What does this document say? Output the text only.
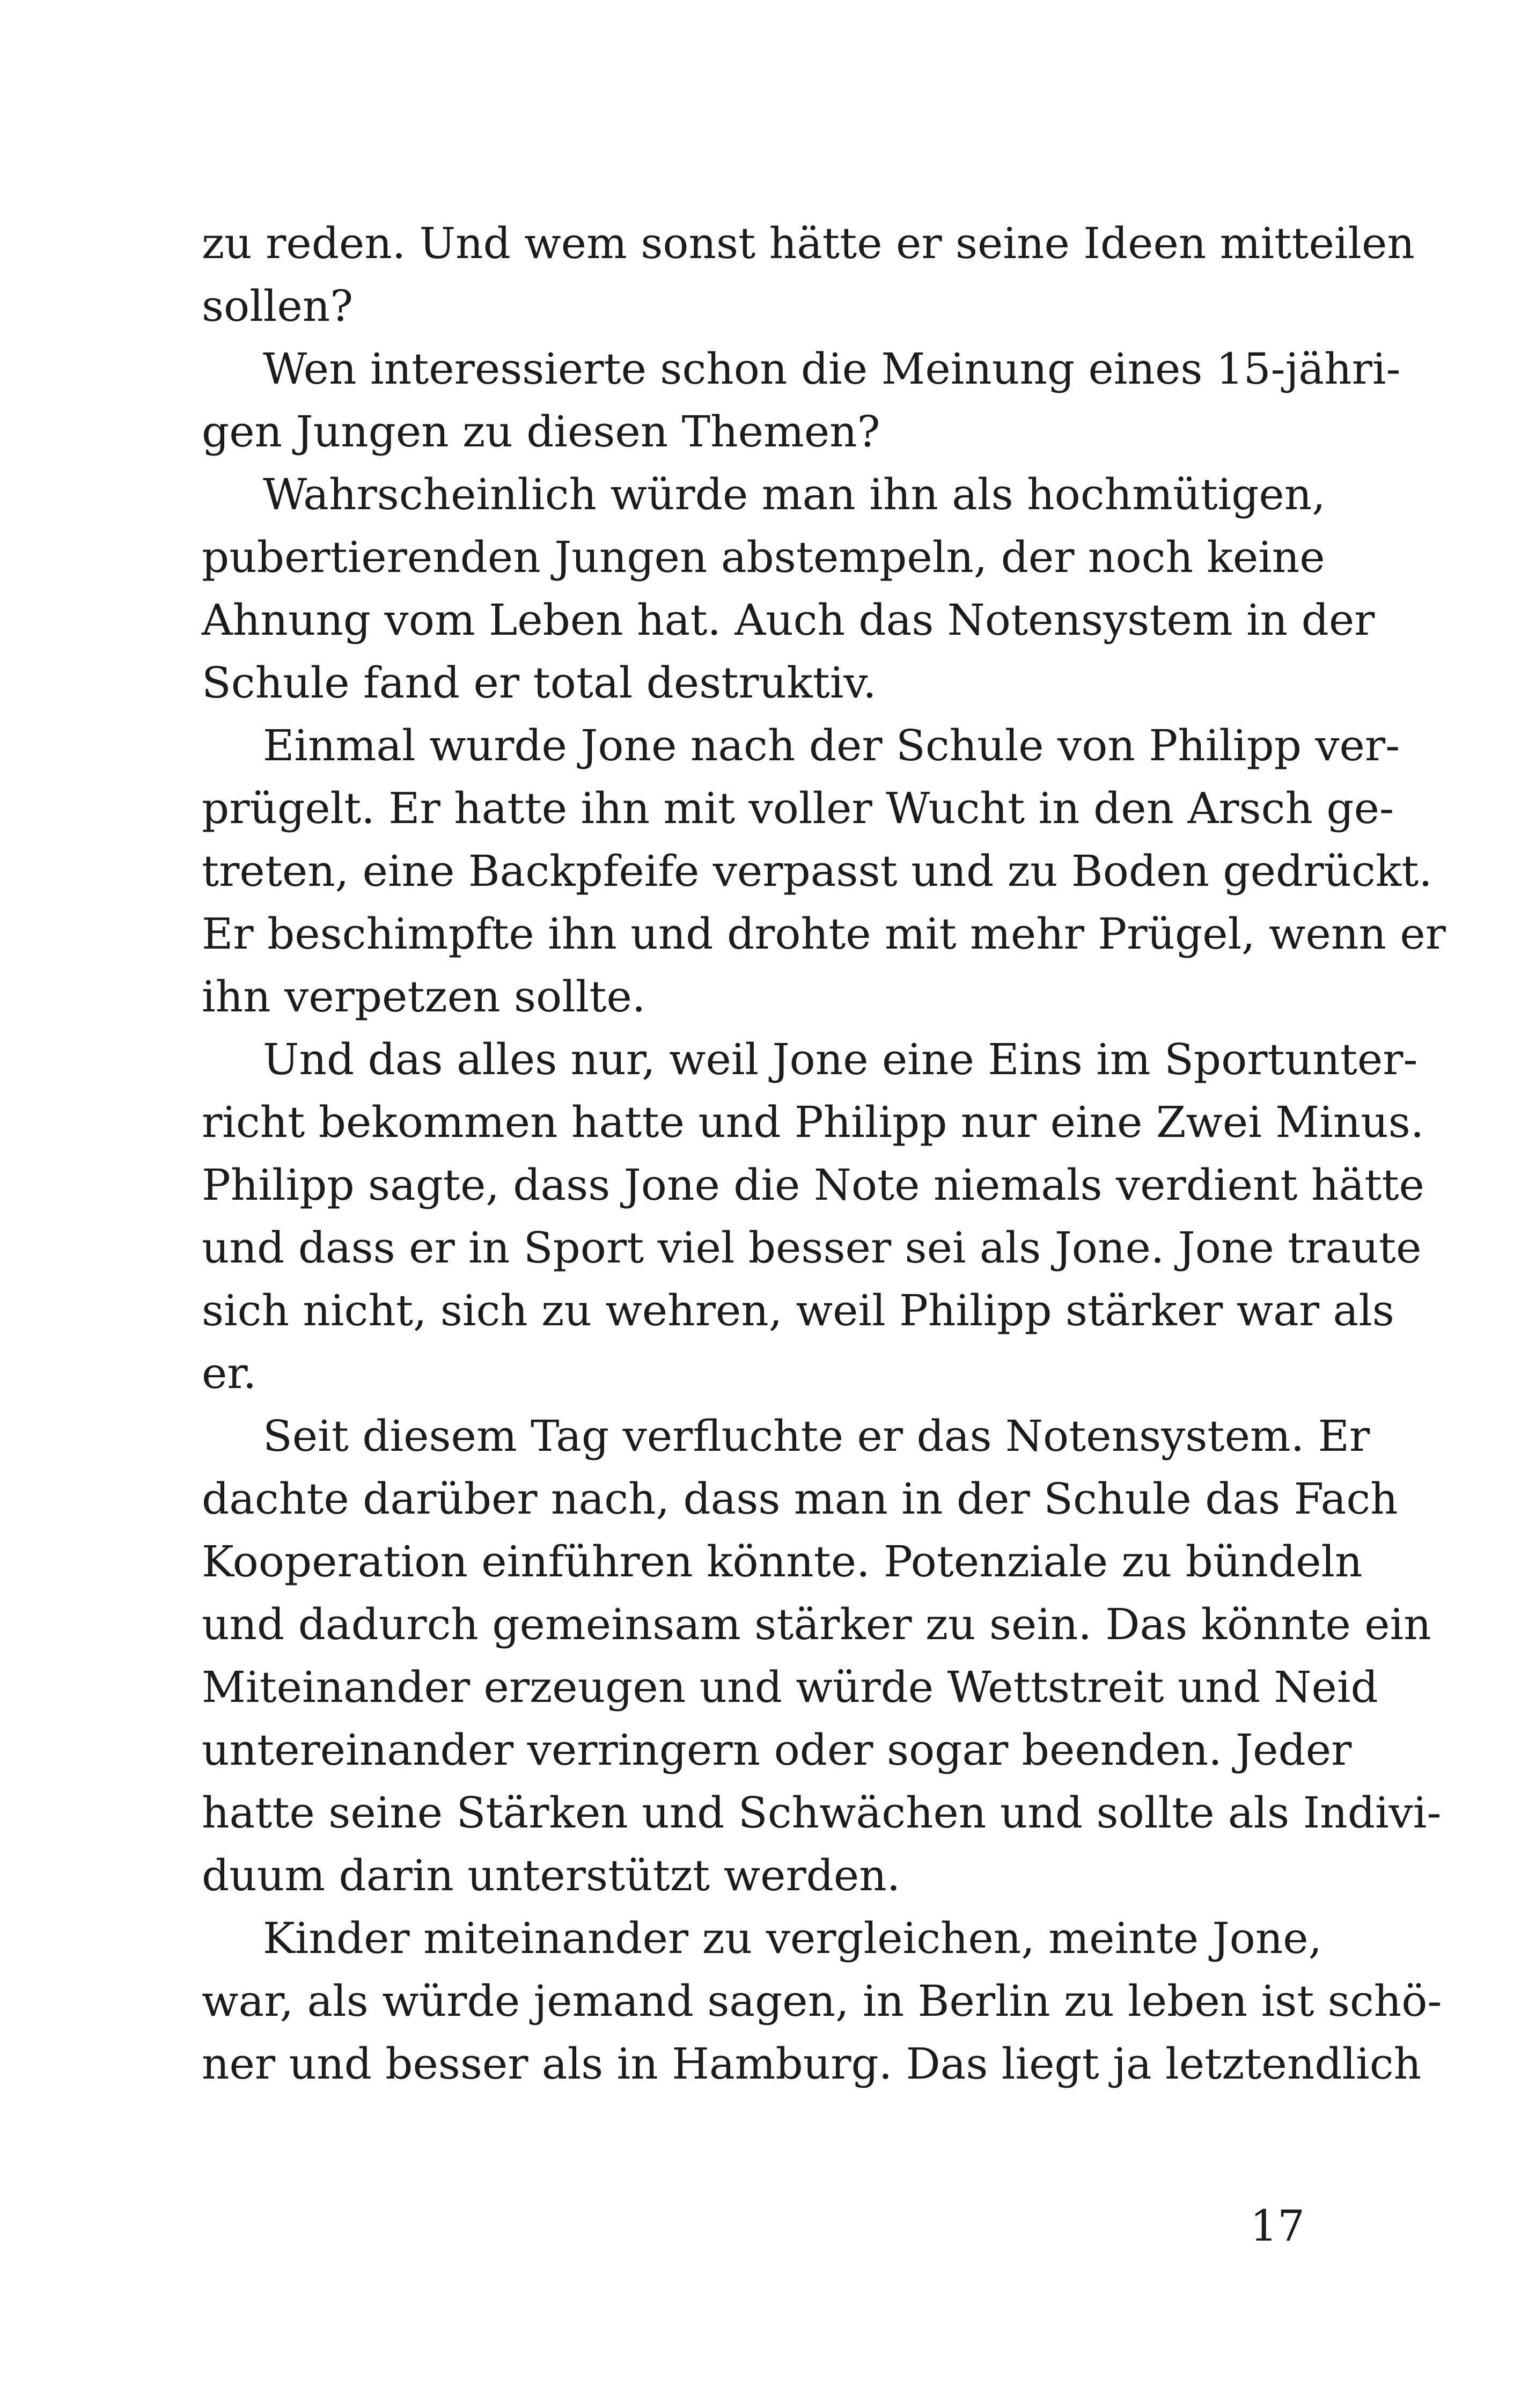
zu reden. Und wem sonst hätte er seine Ideen mitteilen
sollen?
Wen interessierte schon die Meinung eines 15-jähri-
gen Jungen zu diesen Themen?
Wahrscheinlich würde man ihn als hochmütigen,
pubertierenden Jungen abstempeln, der noch keine
Ahnung vom Leben hat. Auch das Notensystem in der
Schule fand er total destruktiv.
Einmal wurde Jone nach der Schule von Philipp ver-
prügelt. Er hatte ihn mit voller Wucht in den Arsch ge-
treten, eine Backpfeife verpasst und zu Boden gedrückt.
Er beschimpfte ihn und drohte mit mehr Prügel, wenn er
ihn verpetzen sollte.
Und das alles nur, weil Jone eine Eins im Sportunter-
richt bekommen hatte und Philipp nur eine Zwei Minus.
Philipp sagte, dass Jone die Note niemals verdient hätte
und dass er in Sport viel besser sei als Jone. Jone traute
sich nicht, sich zu wehren, weil Philipp stärker war als
er.
Seit diesem Tag verfluchte er das Notensystem. Er
dachte darüber nach, dass man in der Schule das Fach
Kooperation einführen könnte. Potenziale zu bündeln
und dadurch gemeinsam stärker zu sein. Das könnte ein
Miteinander erzeugen und würde Wettstreit und Neid
untereinander verringern oder sogar beenden. Jeder
hatte seine Stärken und Schwächen und sollte als Indivi-
duum darin unterstützt werden.
Kinder miteinander zu vergleichen, meinte Jone,
war, als würde jemand sagen, in Berlin zu leben ist schö-
ner und besser als in Hamburg. Das liegt ja letztendlich
17
